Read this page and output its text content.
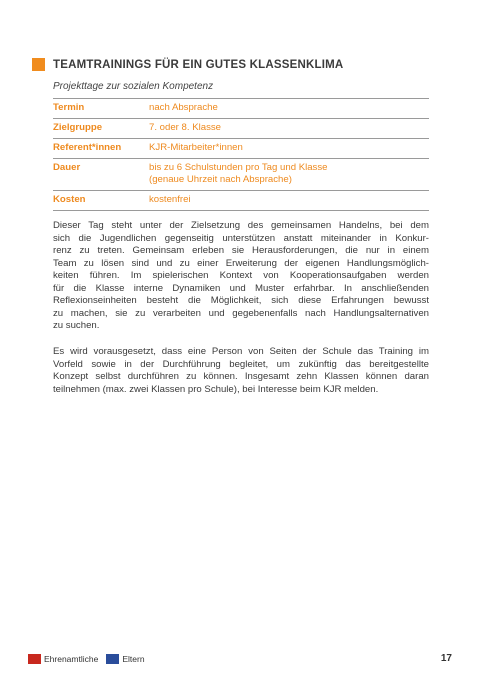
TEAMTRAININGS FÜR EIN GUTES KLASSENKLIMA
Projekttage zur sozialen Kompetenz
Termin	nach Absprache

Zielgruppe	7. oder 8. Klasse

Referent*innen	KJR-Mitarbeiter*innen

Dauer	bis zu 6 Schulstunden pro Tag und Klasse
(genaue Uhrzeit nach Absprache)

Kosten	kostenfrei
Dieser Tag steht unter der Zielsetzung des gemeinsamen Handelns, bei dem
sich die Jugendlichen gegenseitig unterstützen anstatt miteinander in Konkur-
renz zu treten. Gemeinsam erleben sie Herausforderungen, die nur in einem
Team zu lösen sind und zu einer Erweiterung der eigenen Handlungsmöglich-
keiten führen. Im spielerischen Kontext von Kooperationsaufgaben werden
für die Klasse interne Dynamiken und Muster erfahrbar. In anschließenden
Reflexionseinheiten besteht die Möglichkeit, sich diese Erfahrungen bewusst
zu machen, sie zu verarbeiten und gegebenenfalls nach Handlungsalternativen
zu suchen.
Es wird vorausgesetzt, dass eine Person von Seiten der Schule das Training im
Vorfeld sowie in der Durchführung begleitet, um zukünftig das bereitgestellte
Konzept selbst durchführen zu können. Insgesamt zehn Klassen können daran
teilnehmen (max. zwei Klassen pro Schule), bei Interesse beim KJR melden.
Ehrenamtliche	Eltern	17
